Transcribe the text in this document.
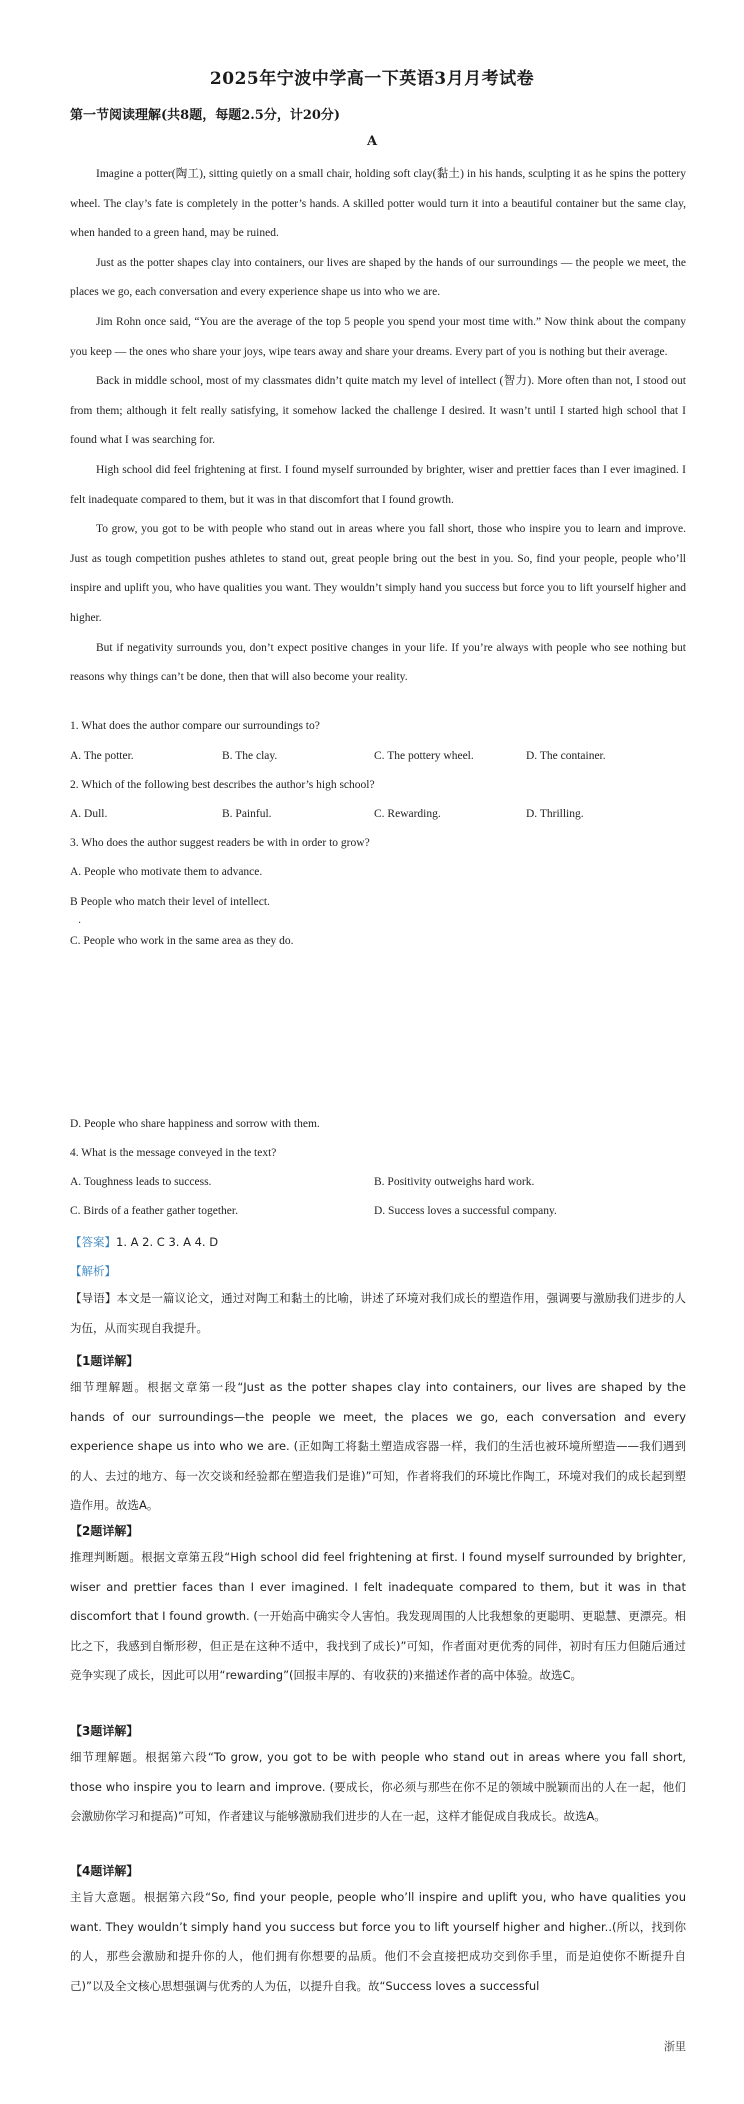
2025年宁波中学高一下英语3月月考试卷
第一节阅读理解(共8题，每题2.5分，计20分)
A

Imagine a potter(陶工), sitting quietly on a small chair, holding soft clay(黏土) in his hands, sculpting it as he spins the pottery wheel. The clay’s fate is completely in the potter’s hands. A skilled potter would turn it into a beautiful container but the same clay, when handed to a green hand, may be ruined.

Just as the potter shapes clay into containers, our lives are shaped by the hands of our surroundings — the people we meet, the places we go, each conversation and every experience shape us into who we are.

Jim Rohn once said, “You are the average of the top 5 people you spend your most time with.” Now think about the company you keep — the ones who share your joys, wipe tears away and share your dreams. Every part of you is nothing but their average.

Back in middle school, most of my classmates didn’t quite match my level of intellect (智力). More often than not, I stood out from them; although it felt really satisfying, it somehow lacked the challenge I desired. It wasn’t until I started high school that I found what I was searching for.

High school did feel frightening at first. I found myself surrounded by brighter, wiser and prettier faces than I ever imagined. I felt inadequate compared to them, but it was in that discomfort that I found growth.

To grow, you got to be with people who stand out in areas where you fall short, those who inspire you to learn and improve. Just as tough competition pushes athletes to stand out, great people bring out the best in you. So, find your people, people who’ll inspire and uplift you, who have qualities you want. They wouldn’t simply hand you success but force you to lift yourself higher and higher.

But if negativity surrounds you, don’t expect positive changes in your life. If you’re always with people who see nothing but reasons why things can’t be done, then that will also become your reality.

1. What does the author compare our surroundings to?
A. The potter.	B. The clay.	C. The pottery wheel.	D. The container.
2. Which of the following best describes the author’s high school?
A. Dull.	B. Painful.	C. Rewarding.	D. Thrilling.
3. Who does the author suggest readers be with in order to grow?
A. People who motivate them to advance.
B People who match their level of intellect.
.
C. People who work in the same area as they do.
D. People who share happiness and sorrow with them.
4. What is the message conveyed in the text?
A. Toughness leads to success.	B. Positivity outweighs hard work.
C. Birds of a feather gather together.	D. Success loves a successful company.
【答案】1. A 2. C 3. A 4. D
【解析】
【导语】本文是一篇议论文，通过对陶工和黏土的比喻，讲述了环境对我们成长的塑造作用，强调要与激励我们进步的人为伍，从而实现自我提升。
【1题详解】
细节理解题。根据文章第一段“Just as the potter shapes clay into containers, our lives are shaped by the hands of our surroundings—the people we meet, the places we go, each conversation and every experience shape us into who we are. (正如陶工将黏土塑造成容器一样，我们的生活也被环境所塑造——我们遇到的人、去过的地方、每一次交谈和经验都在塑造我们是谁)”可知，作者将我们的环境比作陶工，环境对我们的成长起到塑造作用。故选A。
【2题详解】
推理判断题。根据文章第五段“High school did feel frightening at first. I found myself surrounded by brighter, wiser and prettier faces than I ever imagined. I felt inadequate compared to them, but it was in that discomfort that I found growth. (一开始高中确实令人害怕。我发现周围的人比我想象的更聪明、更聪慧、更漂亮。相比之下，我感到自惭形秽，但正是在这种不适中，我找到了成长)”可知，作者面对更优秀的同伴，初时有压力但随后通过竞争实现了成长，因此可以用“rewarding”(回报丰厚的、有收获的)来描述作者的高中体验。故选C。
【3题详解】
细节理解题。根据第六段“To grow, you got to be with people who stand out in areas where you fall short, those who inspire you to learn and improve. (要成长，你必须与那些在你不足的领域中脱颖而出的人在一起，他们会激励你学习和提高)”可知，作者建议与能够激励我们进步的人在一起，这样才能促成自我成长。故选A。
【4题详解】
主旨大意题。根据第六段“So, find your people, people who’ll inspire and uplift you, who have qualities you want. They wouldn’t simply hand you success but force you to lift yourself higher and higher..(所以，找到你的人，那些会激励和提升你的人，他们拥有你想要的品质。他们不会直接把成功交到你手里，而是迫使你不断提升自己)”以及全文核心思想强调与优秀的人为伍，以提升自我。故“Success loves a successful
浙里
